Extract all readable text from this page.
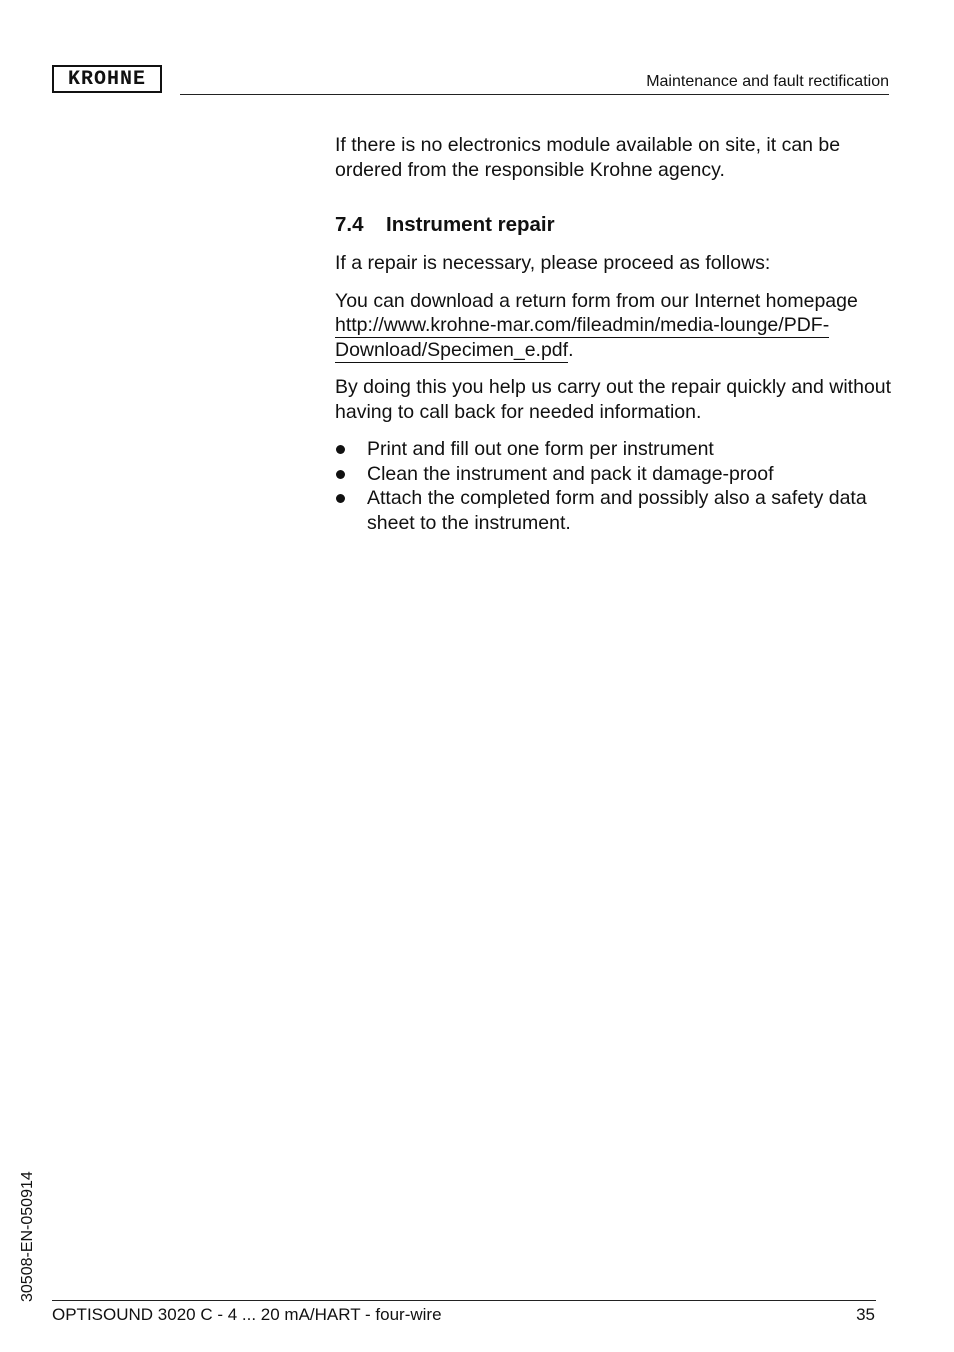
KROHNE	Maintenance and fault rectification

If there is no electronics module available on site, it can be ordered from the responsible Krohne agency.

7.4 Instrument repair

If a repair is necessary, please proceed as follows:

You can download a return form from our Internet homepage
http://www.krohne-mar.com/fileadmin/media-lounge/PDF-
Download/Specimen_e.pdf.

By doing this you help us carry out the repair quickly and without having to call back for needed information.

Print and fill out one form per instrument
Clean the instrument and pack it damage-proof
Attach the completed form and possibly also a safety data sheet to the instrument.
30508-EN-050914
OPTISOUND 3020 C - 4 ... 20 mA/HART - four-wire	35
